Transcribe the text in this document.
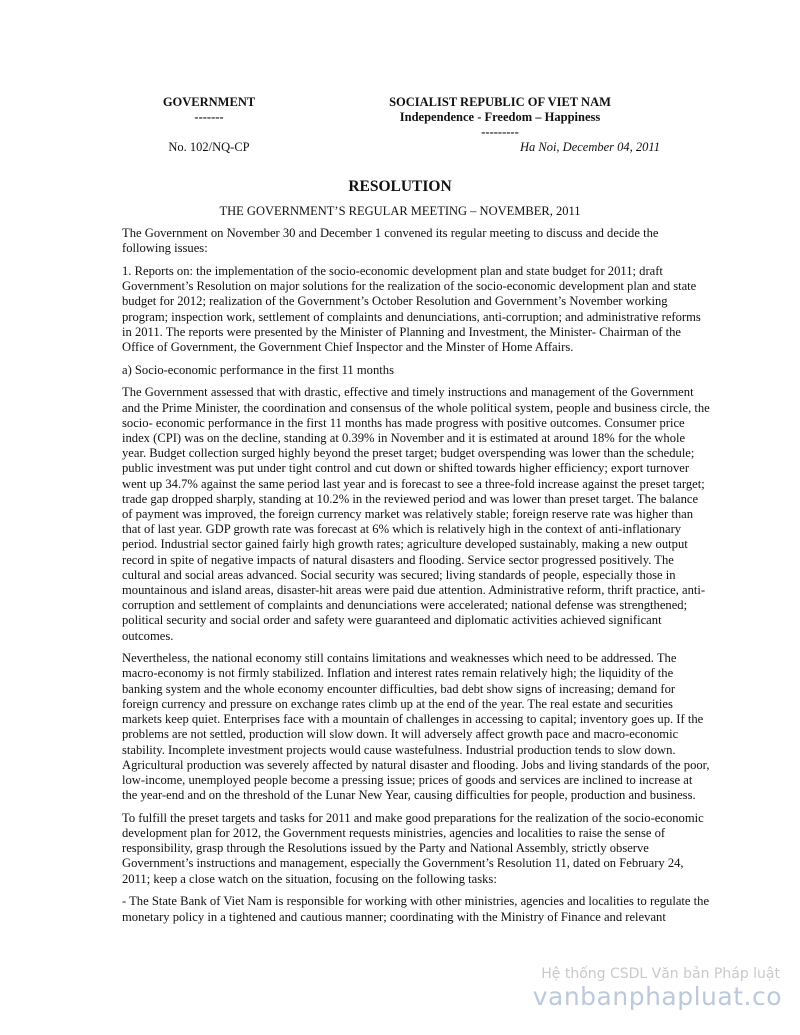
GOVERNMENT
-------
SOCIALIST REPUBLIC OF VIET NAM
Independence - Freedom – Happiness
---------
No. 102/NQ-CP	Ha Noi, December 04, 2011
RESOLUTION
THE GOVERNMENT’S REGULAR MEETING – NOVEMBER, 2011

The Government on November 30 and December 1 convened its regular meeting to discuss and decide the following issues:

1. Reports on: the implementation of the socio-economic development plan and state budget for 2011; draft Government’s Resolution on major solutions for the realization of the socio-economic development plan and state budget for 2012; realization of the Government’s October Resolution and Government’s November working program; inspection work, settlement of complaints and denunciations, anti-corruption; and administrative reforms in 2011. The reports were presented by the Minister of Planning and Investment, the Minister- Chairman of the Office of Government, the Government Chief Inspector and the Minster of Home Affairs.

a) Socio-economic performance in the first 11 months

The Government assessed that with drastic, effective and timely instructions and management of the Government and the Prime Minister, the coordination and consensus of the whole political system, people and business circle, the socio- economic performance in the first 11 months has made progress with positive outcomes. Consumer price index (CPI) was on the decline, standing at 0.39% in November and it is estimated at around 18% for the whole year. Budget collection surged highly beyond the preset target; budget overspending was lower than the schedule; public investment was put under tight control and cut down or shifted towards higher efficiency; export turnover went up 34.7% against the same period last year and is forecast to see a three-fold increase against the preset target; trade gap dropped sharply, standing at 10.2% in the reviewed period and was lower than preset target. The balance of payment was improved, the foreign currency market was relatively stable; foreign reserve rate was higher than that of last year. GDP growth rate was forecast at 6% which is relatively high in the context of anti-inflationary period. Industrial sector gained fairly high growth rates; agriculture developed sustainably, making a new output record in spite of negative impacts of natural disasters and flooding. Service sector progressed positively. The cultural and social areas advanced. Social security was secured; living standards of people, especially those in mountainous and island areas, disaster-hit areas were paid due attention. Administrative reform, thrift practice, anti-corruption and settlement of complaints and denunciations were accelerated; national defense was strengthened; political security and social order and safety were guaranteed and diplomatic activities achieved significant outcomes.

Nevertheless, the national economy still contains limitations and weaknesses which need to be addressed. The macro-economy is not firmly stabilized. Inflation and interest rates remain relatively high; the liquidity of the banking system and the whole economy encounter difficulties, bad debt show signs of increasing; demand for foreign currency and pressure on exchange rates climb up at the end of the year. The real estate and securities markets keep quiet. Enterprises face with a mountain of challenges in accessing to capital; inventory goes up. If the problems are not settled, production will slow down. It will adversely affect growth pace and macro-economic stability. Incomplete investment projects would cause wastefulness. Industrial production tends to slow down. Agricultural production was severely affected by natural disaster and flooding. Jobs and living standards of the poor, low-income, unemployed people become a pressing issue; prices of goods and services are inclined to increase at the year-end and on the threshold of the Lunar New Year, causing difficulties for people, production and business.

To fulfill the preset targets and tasks for 2011 and make good preparations for the realization of the socio-economic development plan for 2012, the Government requests ministries, agencies and localities to raise the sense of responsibility, grasp through the Resolutions issued by the Party and National Assembly, strictly observe Government’s instructions and management, especially the Government’s Resolution 11, dated on February 24, 2011; keep a close watch on the situation, focusing on the following tasks:

- The State Bank of Viet Nam is responsible for working with other ministries, agencies and localities to regulate the monetary policy in a tightened and cautious manner; coordinating with the Ministry of Finance and relevant

Hệ thống CSDL Văn bản Pháp luật
vanbanphapluat.co
